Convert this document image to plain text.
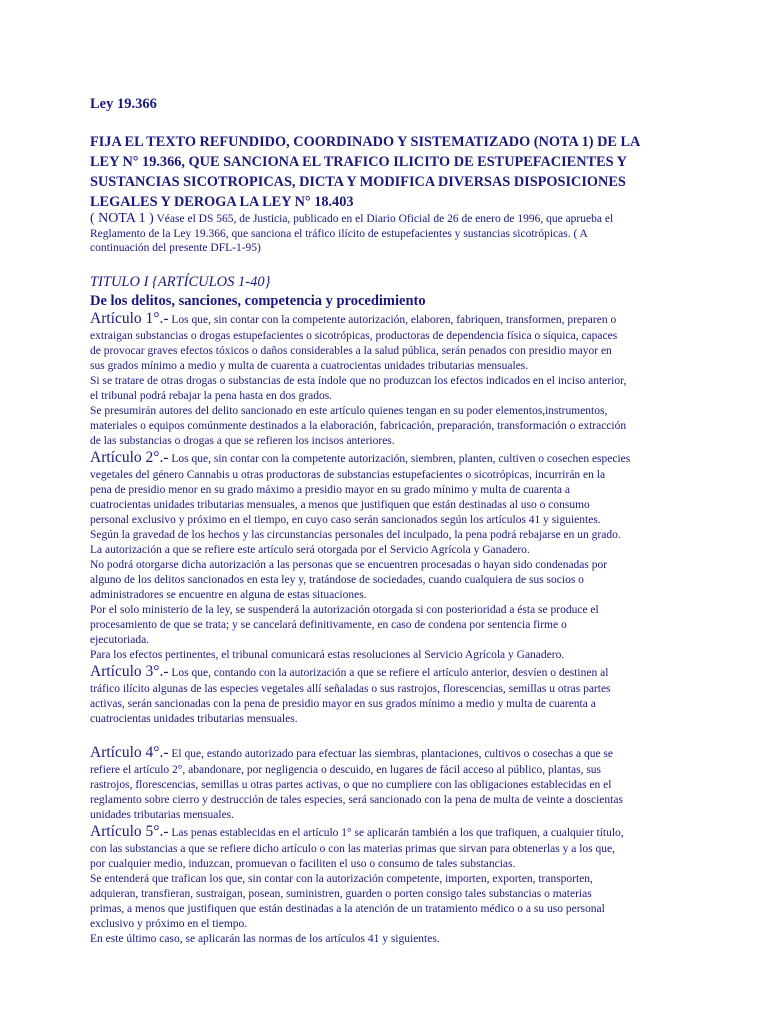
Ley 19.366

FIJA EL TEXTO REFUNDIDO, COORDINADO Y SISTEMATIZADO (NOTA 1) DE LA
LEY N° 19.366, QUE SANCIONA EL TRAFICO ILICITO DE ESTUPEFACIENTES Y
SUSTANCIAS SICOTROPICAS, DICTA Y MODIFICA DIVERSAS DISPOSICIONES
LEGALES Y DEROGA LA LEY N° 18.403

( NOTA 1 ) Véase el DS 565, de Justicia, publicado en el Diario Oficial de 26 de enero de 1996, que aprueba el
Reglamento de la Ley 19.366, que sanciona el tráfico ilícito de estupefacientes y sustancias sicotrópicas. ( A
continuación del presente DFL-1-95)

TITULO I {ARTÍCULOS 1-40}

De los delitos, sanciones, competencia y procedimiento

Artículo 1°.- Los que, sin contar con la competente autorización, elaboren, fabriquen, transformen, preparen o
extraigan substancias o drogas estupefacientes o sicotrópicas, productoras de dependencia física o síquica, capaces
de provocar graves efectos tóxicos o daños considerables a la salud pública, serán penados con presidio mayor en
sus grados mínimo a medio y multa de cuarenta a cuatrocientas unidades tributarias mensuales.
Si se tratare de otras drogas o substancias de esta índole que no produzcan los efectos indicados en el inciso anterior,
el tribunal podrá rebajar la pena hasta en dos grados.
Se presumirán autores del delito sancionado en este artículo quienes tengan en su poder elementos,instrumentos,
materiales o equipos comúnmente destinados a la elaboración, fabricación, preparación, transformación o extracción
de las substancias o drogas a que se refieren los incisos anteriores.
Artículo 2°.- Los que, sin contar con la competente autorización, siembren, planten, cultiven o cosechen especies
vegetales del género Cannabis u otras productoras de substancias estupefacientes o sicotrópicas, incurrirán en la
pena de presidio menor en su grado máximo a presidio mayor en su grado mínimo y multa de cuarenta a
cuatrocientas unidades tributarias mensuales, a menos que justifiquen que están destinadas al uso o consumo
personal exclusivo y próximo en el tiempo, en cuyo caso serán sancionados según los artículos 41 y siguientes.
Según la gravedad de los hechos y las circunstancias personales del inculpado, la pena podrá rebajarse en un grado.
La autorización a que se refiere este artículo será otorgada por el Servicio Agrícola y Ganadero.
No podrá otorgarse dicha autorización a las personas que se encuentren procesadas o hayan sido condenadas por
alguno de los delitos sancionados en esta ley y, tratándose de sociedades, cuando cualquiera de sus socios o
administradores se encuentre en alguna de estas situaciones.
Por el solo ministerio de la ley, se suspenderá la autorización otorgada si con posterioridad a ésta se produce el
procesamiento de que se trata; y se cancelará definitivamente, en caso de condena por sentencia firme o
ejecutoriada.
Para los efectos pertinentes, el tribunal comunicará estas resoluciones al Servicio Agrícola y Ganadero.
Artículo 3°.- Los que, contando con la autorización a que se refiere el artículo anterior, desvíen o destinen al
tráfico ilícito algunas de las especies vegetales allí señaladas o sus rastrojos, florescencias, semillas u otras partes
activas, serán sancionadas con la pena de presidio mayor en sus grados mínimo a medio y multa de cuarenta a
cuatrocientas unidades tributarias mensuales.
Artículo 4°.- El que, estando autorizado para efectuar las siembras, plantaciones, cultivos o cosechas a que se
refiere el artículo 2°, abandonare, por negligencia o descuido, en lugares de fácil acceso al público, plantas, sus
rastrojos, florescencias, semillas u otras partes activas, o que no cumpliere con las obligaciones establecidas en el
reglamento sobre cierro y destrucción de tales especies, será sancionado con la pena de multa de veinte a doscientas
unidades tributarias mensuales.
Artículo 5°.- Las penas establecidas en el artículo 1° se aplicarán también a los que trafiquen, a cualquier título,
con las substancias a que se refiere dicho artículo o con las materias primas que sirvan para obtenerlas y a los que,
por cualquier medio, induzcan, promuevan o faciliten el uso o consumo de tales substancias.
Se entenderá que trafican los que, sin contar con la autorización competente, importen, exporten, transporten,
adquieran, transfieran, sustraigan, posean, suministren, guarden o porten consigo tales substancias o materias
primas, a menos que justifiquen que están destinadas a la atención de un tratamiento médico o a su uso personal
exclusivo y próximo en el tiempo.
En este último caso, se aplicarán las normas de los artículos 41 y siguientes.
